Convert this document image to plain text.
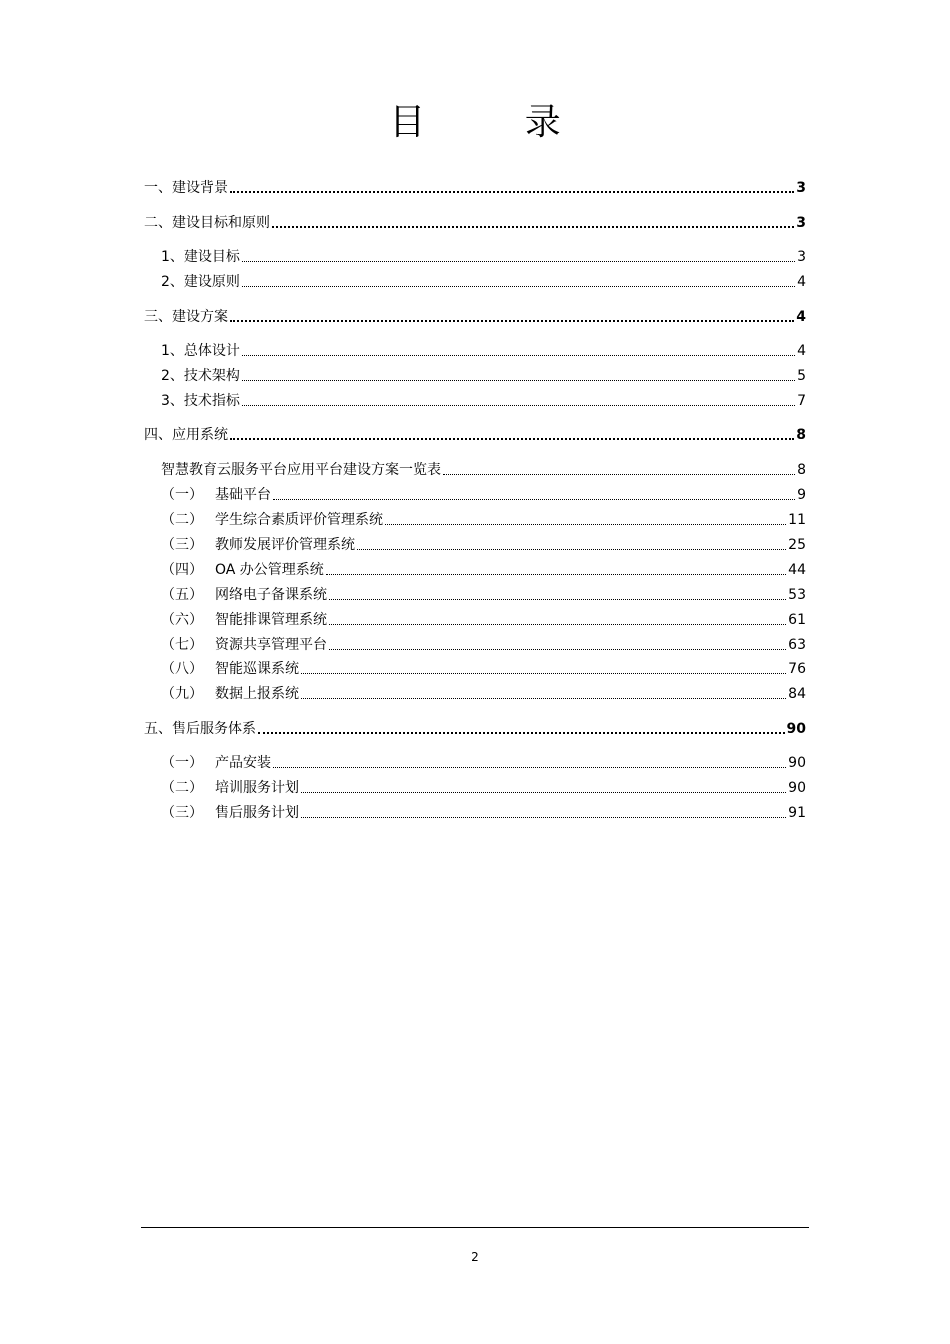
目 录
一、建设背景	3
二、建设目标和原则	3
1、建设目标	3
2、建设原则	4
三、建设方案	4
1、总体设计	4
2、技术架构	5
3、技术指标	7
四、应用系统	8
智慧教育云服务平台应用平台建设方案一览表	8
（一） 基础平台	9
（二） 学生综合素质评价管理系统	11
（三） 教师发展评价管理系统	25
（四） OA 办公管理系统	44
（五） 网络电子备课系统	53
（六） 智能排课管理系统	61
（七） 资源共享管理平台	63
（八） 智能巡课系统	76
（九） 数据上报系统	84
五、售后服务体系	90
（一） 产品安装	90
（二） 培训服务计划	90
（三） 售后服务计划	91
2
